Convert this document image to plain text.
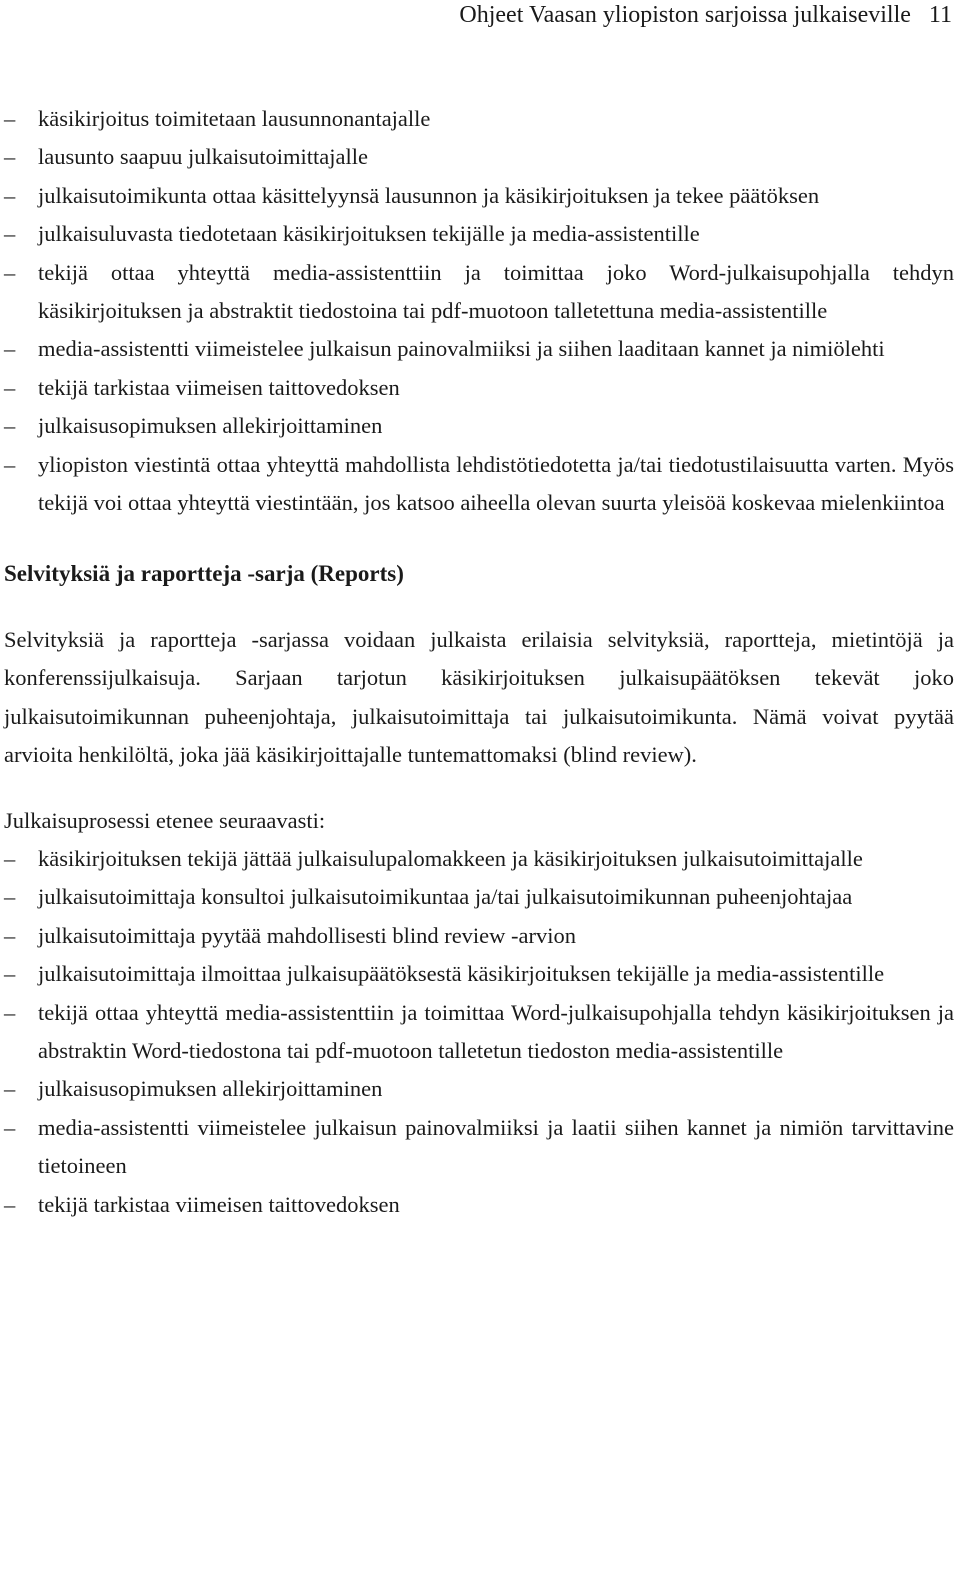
Ohjeet Vaasan yliopiston sarjoissa julkaiseville 11
– käsikirjoitus toimitetaan lausunnonantajalle
– lausunto saapuu julkaisutoimittajalle
– julkaisutoimikunta ottaa käsittelyynsä lausunnon ja käsikirjoituksen ja tekee päätöksen
– julkaisuluvasta tiedotetaan käsikirjoituksen tekijälle ja media-assistentille
– tekijä ottaa yhteyttä media-assistenttiin ja toimittaa joko Word-julkaisupohjalla tehdyn käsikirjoituksen ja abstraktit tiedostoina tai pdf-muotoon talletettuna media-assistentille
– media-assistentti viimeistelee julkaisun painovalmiiksi ja siihen laaditaan kannet ja nimiölehti
– tekijä tarkistaa viimeisen taittovedoksen
– julkaisusopimuksen allekirjoittaminen
– yliopiston viestintä ottaa yhteyttä mahdollista lehdistötiedotetta ja/tai tiedotustilaisuutta varten. Myös tekijä voi ottaa yhteyttä viestintään, jos katsoo aiheella olevan suurta yleisöä koskevaa mielenkiintoa
Selvityksiä ja raportteja -sarja (Reports)

Selvityksiä ja raportteja -sarjassa voidaan julkaista erilaisia selvityksiä, raportteja, mietintöjä ja konferenssijulkaisuja. Sarjaan tarjotun käsikirjoituksen julkaisupäätöksen tekevät joko julkaisutoimikunnan puheenjohtaja, julkaisutoimittaja tai julkaisutoimikunta. Nämä voivat pyytää arvioita henkilöltä, joka jää käsikirjoittajalle tuntemattomaksi (blind review).

Julkaisuprosessi etenee seuraavasti:

– käsikirjoituksen tekijä jättää julkaisulupalomakkeen ja käsikirjoituksen julkaisutoimittajalle
– julkaisutoimittaja konsultoi julkaisutoimikuntaa ja/tai julkaisutoimikunnan puheenjohtajaa
– julkaisutoimittaja pyytää mahdollisesti blind review -arvion
– julkaisutoimittaja ilmoittaa julkaisupäätöksestä käsikirjoituksen tekijälle ja media-assistentille
– tekijä ottaa yhteyttä media-assistenttiin ja toimittaa Word-julkaisupohjalla tehdyn käsikirjoituksen ja abstraktin Word-tiedostona tai pdf-muotoon talletetun tiedoston media-assistentille
– julkaisusopimuksen allekirjoittaminen
– media-assistentti viimeistelee julkaisun painovalmiiksi ja laatii siihen kannet ja nimiön tarvittavine tietoineen
– tekijä tarkistaa viimeisen taittovedoksen
